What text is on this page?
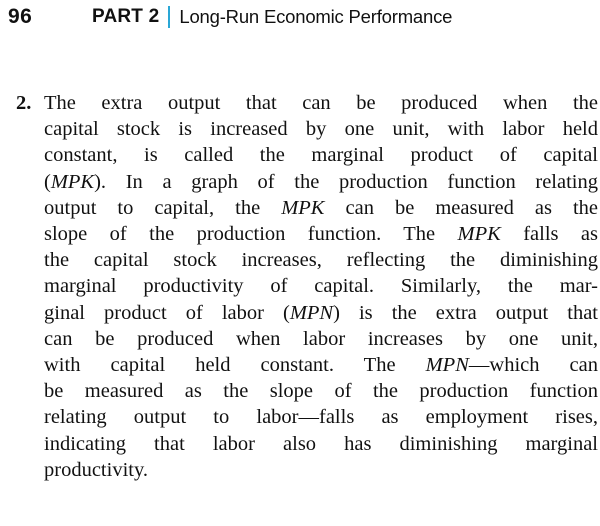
96	PART 2 Long-Run Economic Performance
2. The extra output that can be produced when the
capital stock is increased by one unit, with labor held
constant, is called the marginal product of capital
(MPK). In a graph of the production function relating
output to capital, the MPK can be measured as the
slope of the production function. The MPK falls as
the capital stock increases, reflecting the diminishing
marginal productivity of capital. Similarly, the mar-
ginal product of labor (MPN) is the extra output that
can be produced when labor increases by one unit,
with capital held constant. The MPN—which can
be measured as the slope of the production function
relating output to labor—falls as employment rises,
indicating that labor also has diminishing marginal
productivity.
